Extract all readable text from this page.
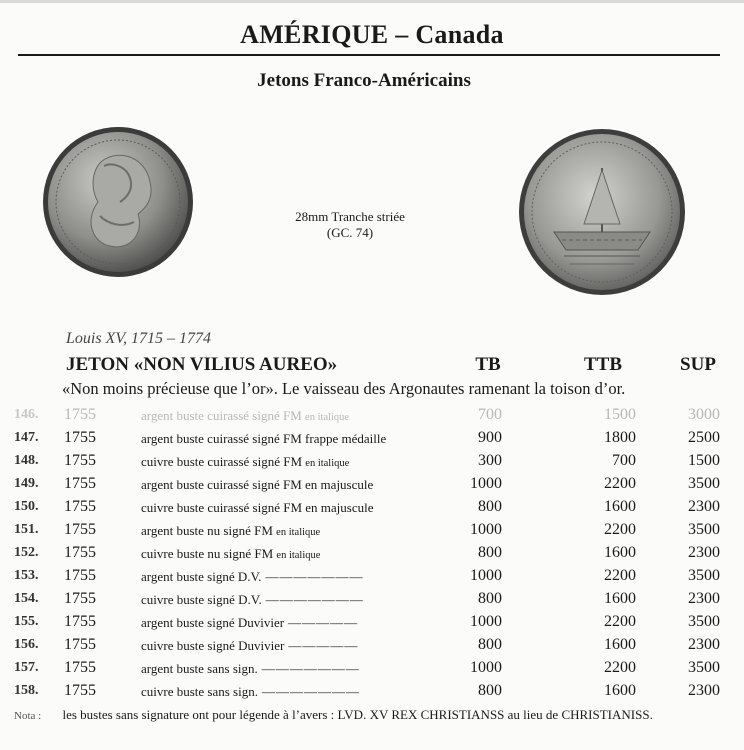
AMÉRIQUE – Canada
Jetons Franco-Américains
28mm Tranche striée
(GC. 74)
Louis XV, 1715 – 1774
JETON «NON VILIUS AUREO»	TB	TTB	SUP
«Non moins précieuse que l’or». Le vaisseau des Argonautes ramenant la toison d’or.
146. 1755	argent buste cuirassé signé FM en italique	700	1500	3000
147. 1755	argent buste cuirassé signé FM frappe médaille	900	1800	2500
148. 1755	cuivre buste cuirassé signé FM en italique	300	700	1500
149. 1755	argent buste cuirassé signé FM en majuscule	1000	2200	3500
150. 1755	cuivre buste cuirassé signé FM en majuscule	800	1600	2300
151. 1755	argent buste nu signé FM en italique	1000	2200	3500
152. 1755	cuivre buste nu signé FM en italique	800	1600	2300
153. 1755	argent buste signé D.V. ———————	1000	2200	3500
154. 1755	cuivre buste signé D.V. ———————	800	1600	2300
155. 1755	argent buste signé Duvivier —————	1000	2200	3500
156. 1755	cuivre buste signé Duvivier —————	800	1600	2300
157. 1755	argent buste sans sign. ———————	1000	2200	3500
158. 1755	cuivre buste sans sign. ———————	800	1600	2300
Nota : les bustes sans signature ont pour légende à l’avers : LVD. XV REX CHRISTIANSS au lieu de CHRISTIANISS.
